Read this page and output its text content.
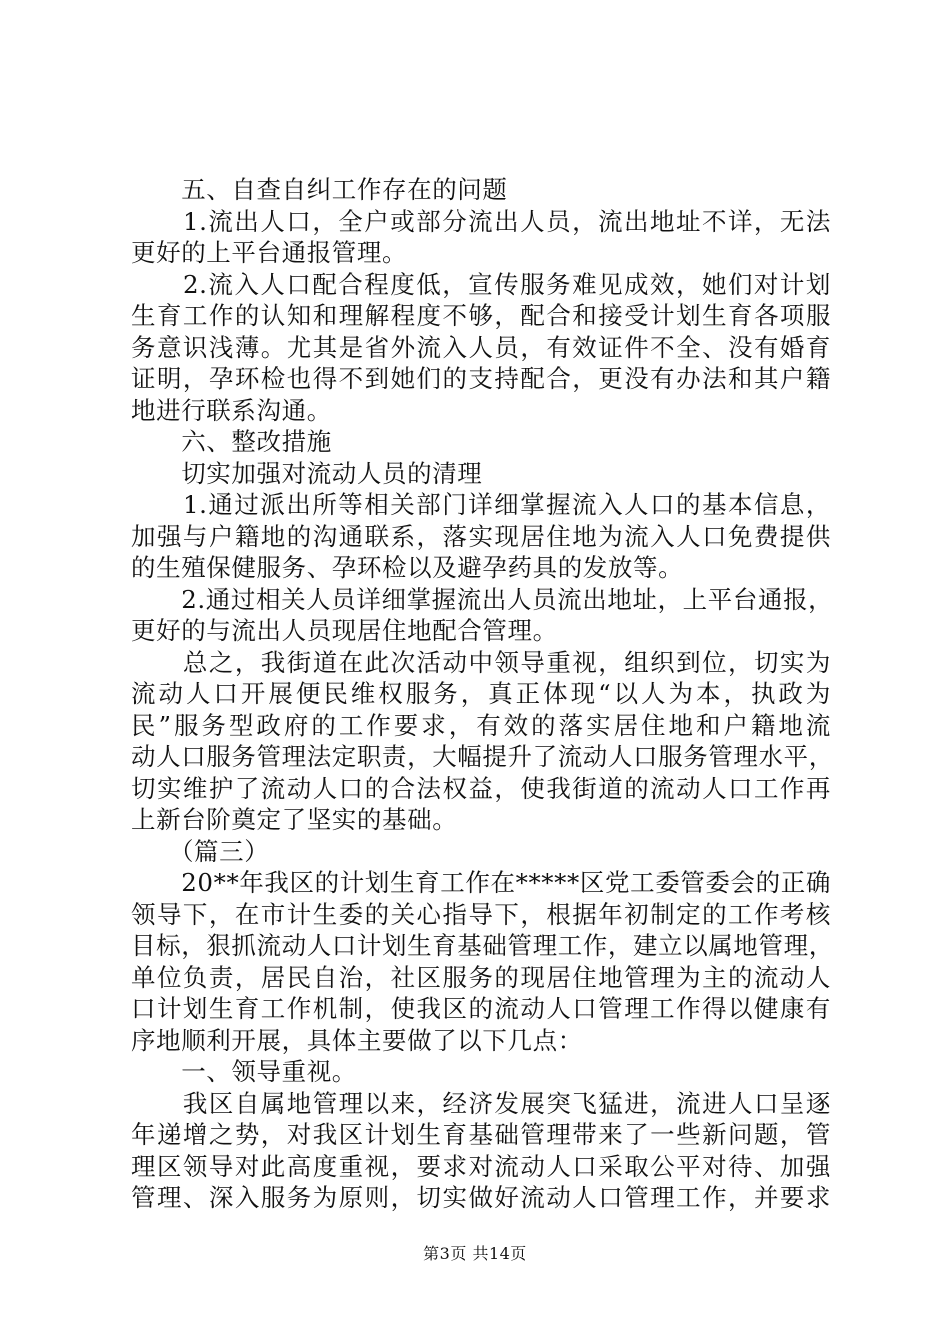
　　五、自查自纠工作存在的问题
　　1.流出人口，全户或部分流出人员，流出地址不详，无法
更好的上平台通报管理。
　　2.流入人口配合程度低，宣传服务难见成效，她们对计划
生育工作的认知和理解程度不够，配合和接受计划生育各项服
务意识浅薄。尤其是省外流入人员，有效证件不全、没有婚育
证明，孕环检也得不到她们的支持配合，更没有办法和其户籍
地进行联系沟通。
　　六、整改措施
　　切实加强对流动人员的清理
　　1.通过派出所等相关部门详细掌握流入人口的基本信息，
加强与户籍地的沟通联系，落实现居住地为流入人口免费提供
的生殖保健服务、孕环检以及避孕药具的发放等。
　　2.通过相关人员详细掌握流出人员流出地址，上平台通报，
更好的与流出人员现居住地配合管理。
　　总之，我街道在此次活动中领导重视，组织到位，切实为
流动人口开展便民维权服务，真正体现“以人为本，执政为
民”服务型政府的工作要求，有效的落实居住地和户籍地流
动人口服务管理法定职责，大幅提升了流动人口服务管理水平，
切实维护了流动人口的合法权益，使我街道的流动人口工作再
上新台阶奠定了坚实的基础。
　　（篇三）
　　20**年我区的计划生育工作在*****区党工委管委会的正确
领导下，在市计生委的关心指导下，根据年初制定的工作考核
目标，狠抓流动人口计划生育基础管理工作，建立以属地管理，
单位负责，居民自治，社区服务的现居住地管理为主的流动人
口计划生育工作机制，使我区的流动人口管理工作得以健康有
序地顺利开展，具体主要做了以下几点：
　　一、领导重视。
　　我区自属地管理以来，经济发展突飞猛进，流进人口呈逐
年递增之势，对我区计划生育基础管理带来了一些新问题，管
理区领导对此高度重视，要求对流动人口采取公平对待、加强
管理、深入服务为原则，切实做好流动人口管理工作，并要求
第3页 共14页
